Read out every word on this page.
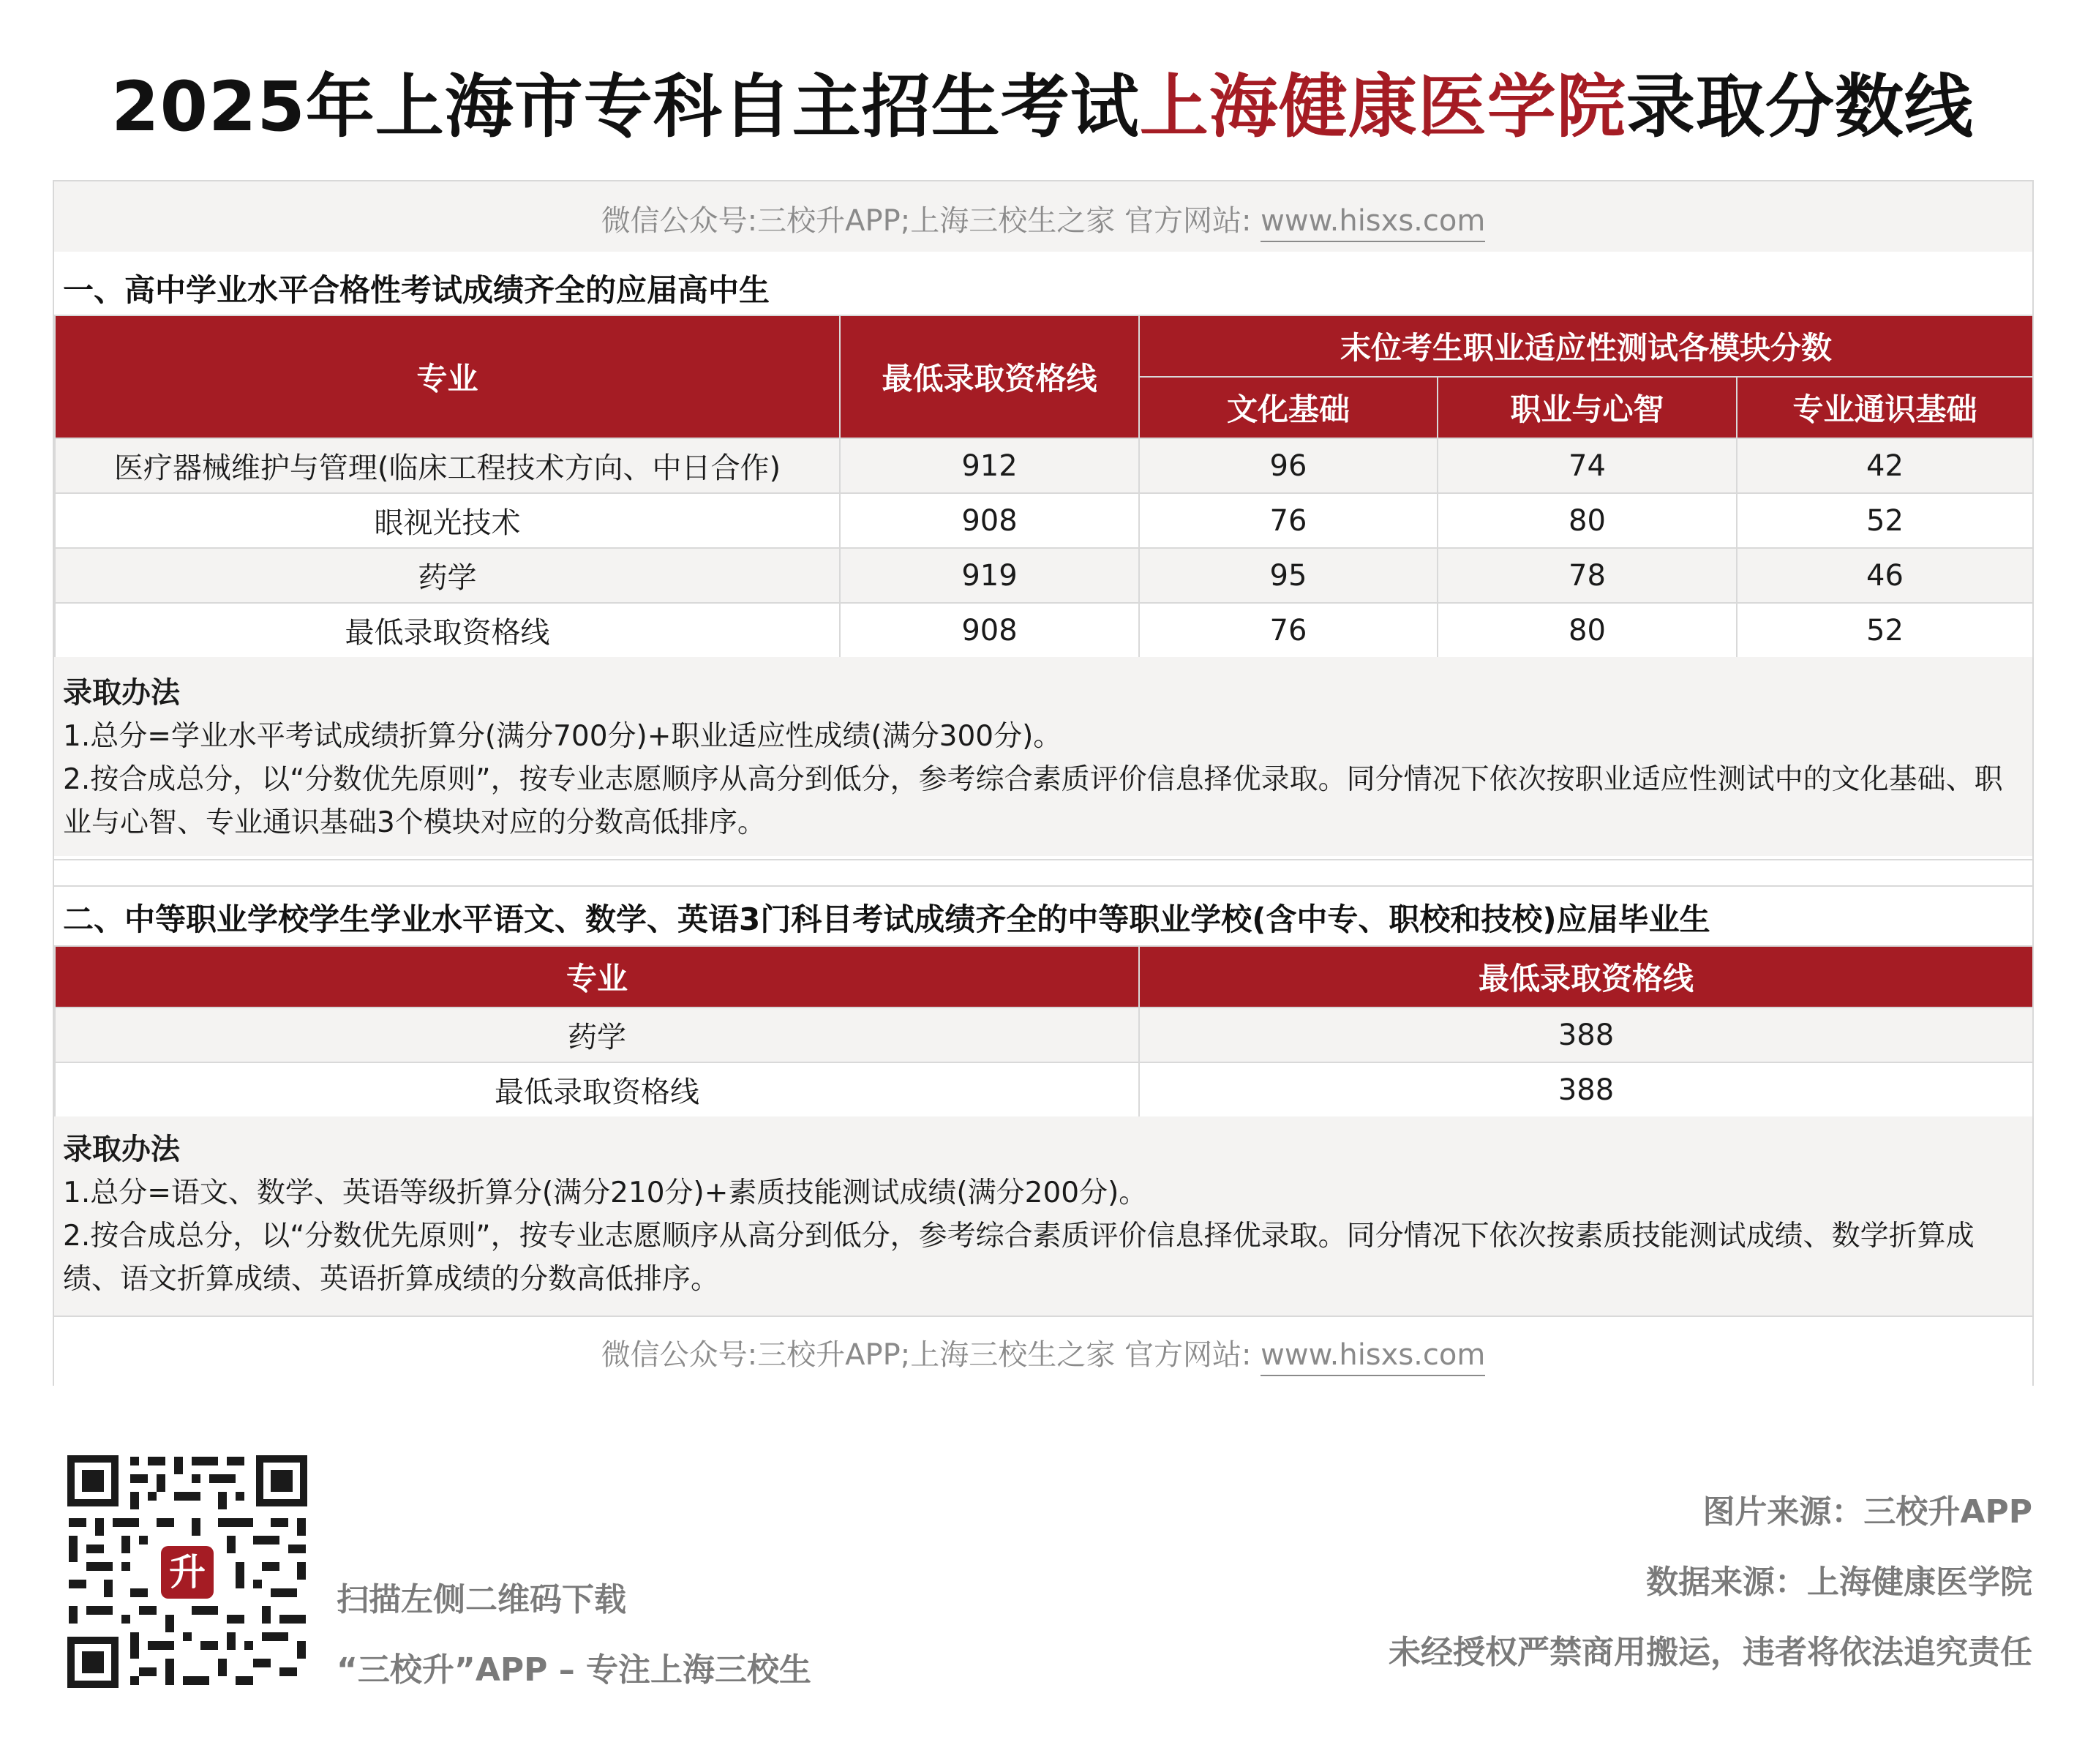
2025年上海市专科自主招生考试上海健康医学院录取分数线
微信公众号:三校升APP;上海三校生之家 官方网站: www.hisxs.com
一、高中学业水平合格性考试成绩齐全的应届高中生
专业	最低录取资格线	末位考生职业适应性测试各模块分数		
		文化基础	职业与心智	专业通识基础
医疗器械维护与管理(临床工程技术方向、中日合作)	912	96	74	42
眼视光技术	908	76	80	52
药学	919	95	78	46
最低录取资格线	908	76	80	52

录取办法

1.总分=学业水平考试成绩折算分(满分700分)+职业适应性成绩(满分300分)。

2.按合成总分，以“分数优先原则”，按专业志愿顺序从高分到低分，参考综合素质评价信息择优录取。同分情况下依次按职业适应性测试中的文化基础、职业与心智、专业通识基础3个模块对应的分数高低排序。

二、中等职业学校学生学业水平语文、数学、英语3门科目考试成绩齐全的中等职业学校(含中专、职校和技校)应届毕业生
专业	最低录取资格线
药学	388
最低录取资格线	388

录取办法

1.总分=语文、数学、英语等级折算分(满分210分)+素质技能测试成绩(满分200分)。

2.按合成总分，以“分数优先原则”，按专业志愿顺序从高分到低分，参考综合素质评价信息择优录取。同分情况下依次按素质技能测试成绩、数学折算成绩、语文折算成绩、英语折算成绩的分数高低排序。

微信公众号:三校升APP;上海三校生之家 官方网站: www.hisxs.com
升
扫描左侧二维码下载
“三校升”APP – 专注上海三校生
图片来源：三校升APP
数据来源：上海健康医学院
未经授权严禁商用搬运，违者将依法追究责任
